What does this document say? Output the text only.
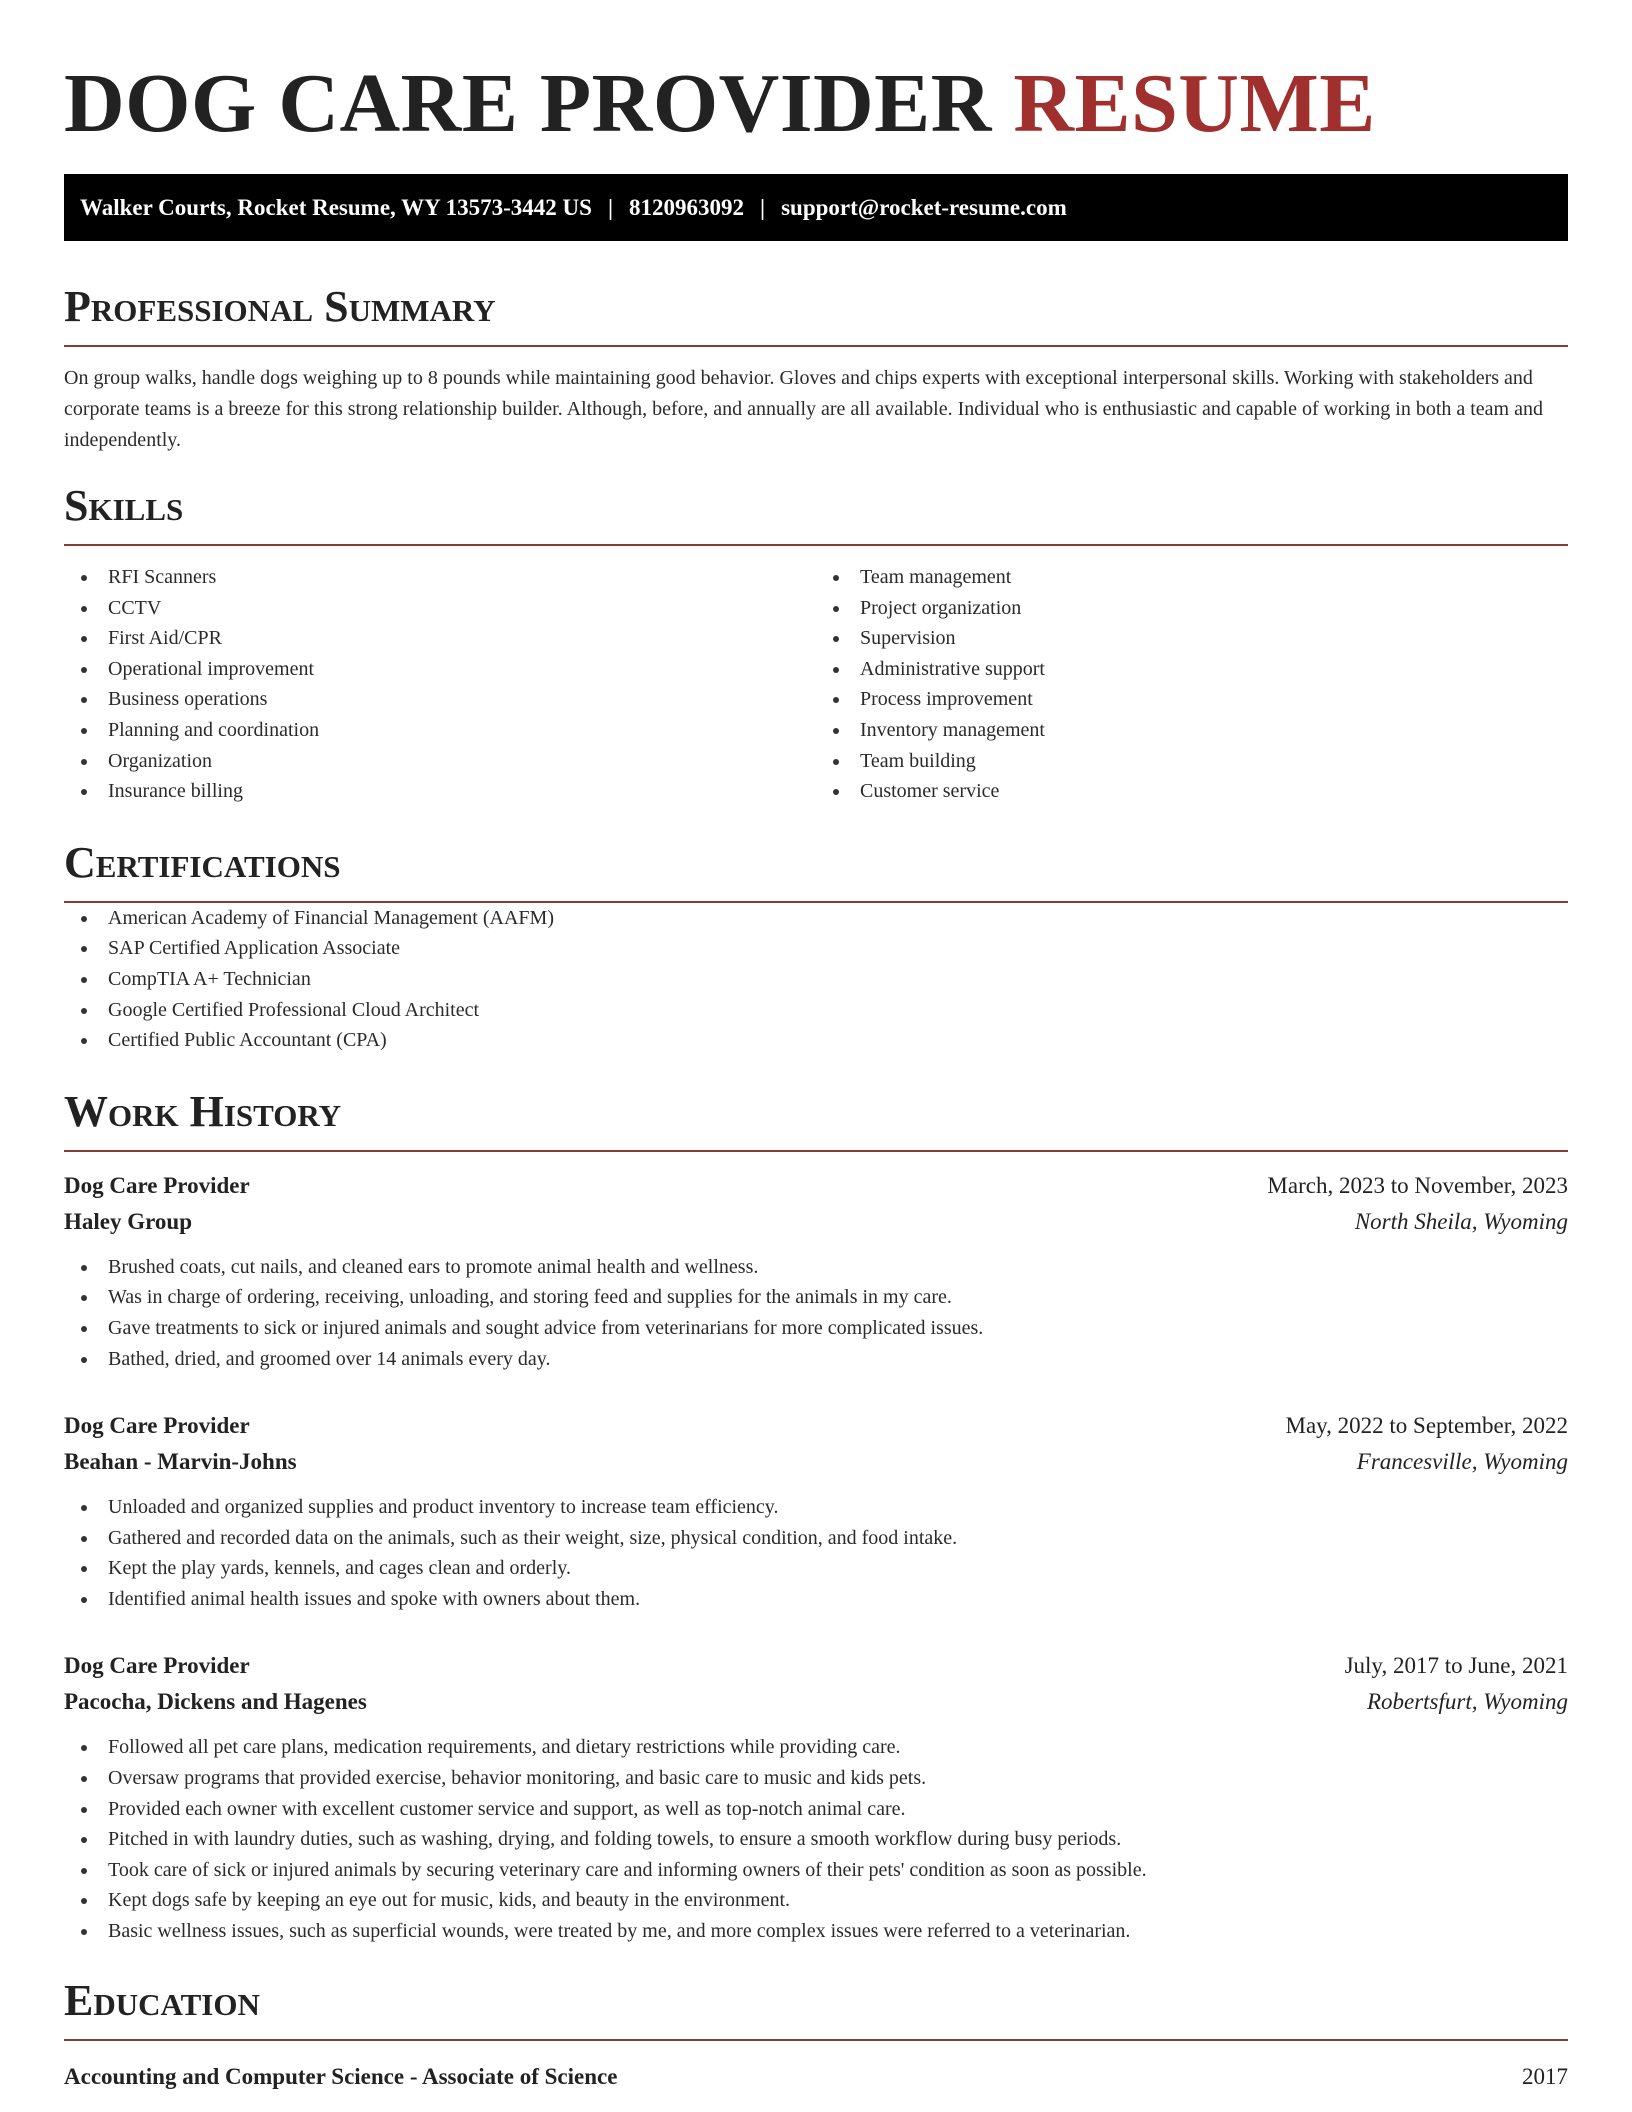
DOG CARE PROVIDER RESUME
Walker Courts, Rocket Resume, WY 13573-3442 US | 8120963092 | support@rocket-resume.com
Professional Summary

On group walks, handle dogs weighing up to 8 pounds while maintaining good behavior. Gloves and chips experts with exceptional interpersonal skills. Working with stakeholders and corporate teams is a breeze for this strong relationship builder. Although, before, and annually are all available. Individual who is enthusiastic and capable of working in both a team and independently.

Skills
RFI Scanners
CCTV
First Aid/CPR
Operational improvement
Business operations
Planning and coordination
Organization
Insurance billing
Team management
Project organization
Supervision
Administrative support
Process improvement
Inventory management
Team building
Customer service
Certifications
American Academy of Financial Management (AAFM)
SAP Certified Application Associate
CompTIA A+ Technician
Google Certified Professional Cloud Architect
Certified Public Accountant (CPA)
Work History
Dog Care Provider	March, 2023 to November, 2023
Haley Group	North Sheila, Wyoming
Brushed coats, cut nails, and cleaned ears to promote animal health and wellness.
Was in charge of ordering, receiving, unloading, and storing feed and supplies for the animals in my care.
Gave treatments to sick or injured animals and sought advice from veterinarians for more complicated issues.
Bathed, dried, and groomed over 14 animals every day.
Dog Care Provider	May, 2022 to September, 2022
Beahan - Marvin-Johns	Francesville, Wyoming
Unloaded and organized supplies and product inventory to increase team efficiency.
Gathered and recorded data on the animals, such as their weight, size, physical condition, and food intake.
Kept the play yards, kennels, and cages clean and orderly.
Identified animal health issues and spoke with owners about them.
Dog Care Provider	July, 2017 to June, 2021
Pacocha, Dickens and Hagenes	Robertsfurt, Wyoming
Followed all pet care plans, medication requirements, and dietary restrictions while providing care.
Oversaw programs that provided exercise, behavior monitoring, and basic care to music and kids pets.
Provided each owner with excellent customer service and support, as well as top-notch animal care.
Pitched in with laundry duties, such as washing, drying, and folding towels, to ensure a smooth workflow during busy periods.
Took care of sick or injured animals by securing veterinary care and informing owners of their pets' condition as soon as possible.
Kept dogs safe by keeping an eye out for music, kids, and beauty in the environment.
Basic wellness issues, such as superficial wounds, were treated by me, and more complex issues were referred to a veterinarian.
Education
Accounting and Computer Science - Associate of Science	2017
